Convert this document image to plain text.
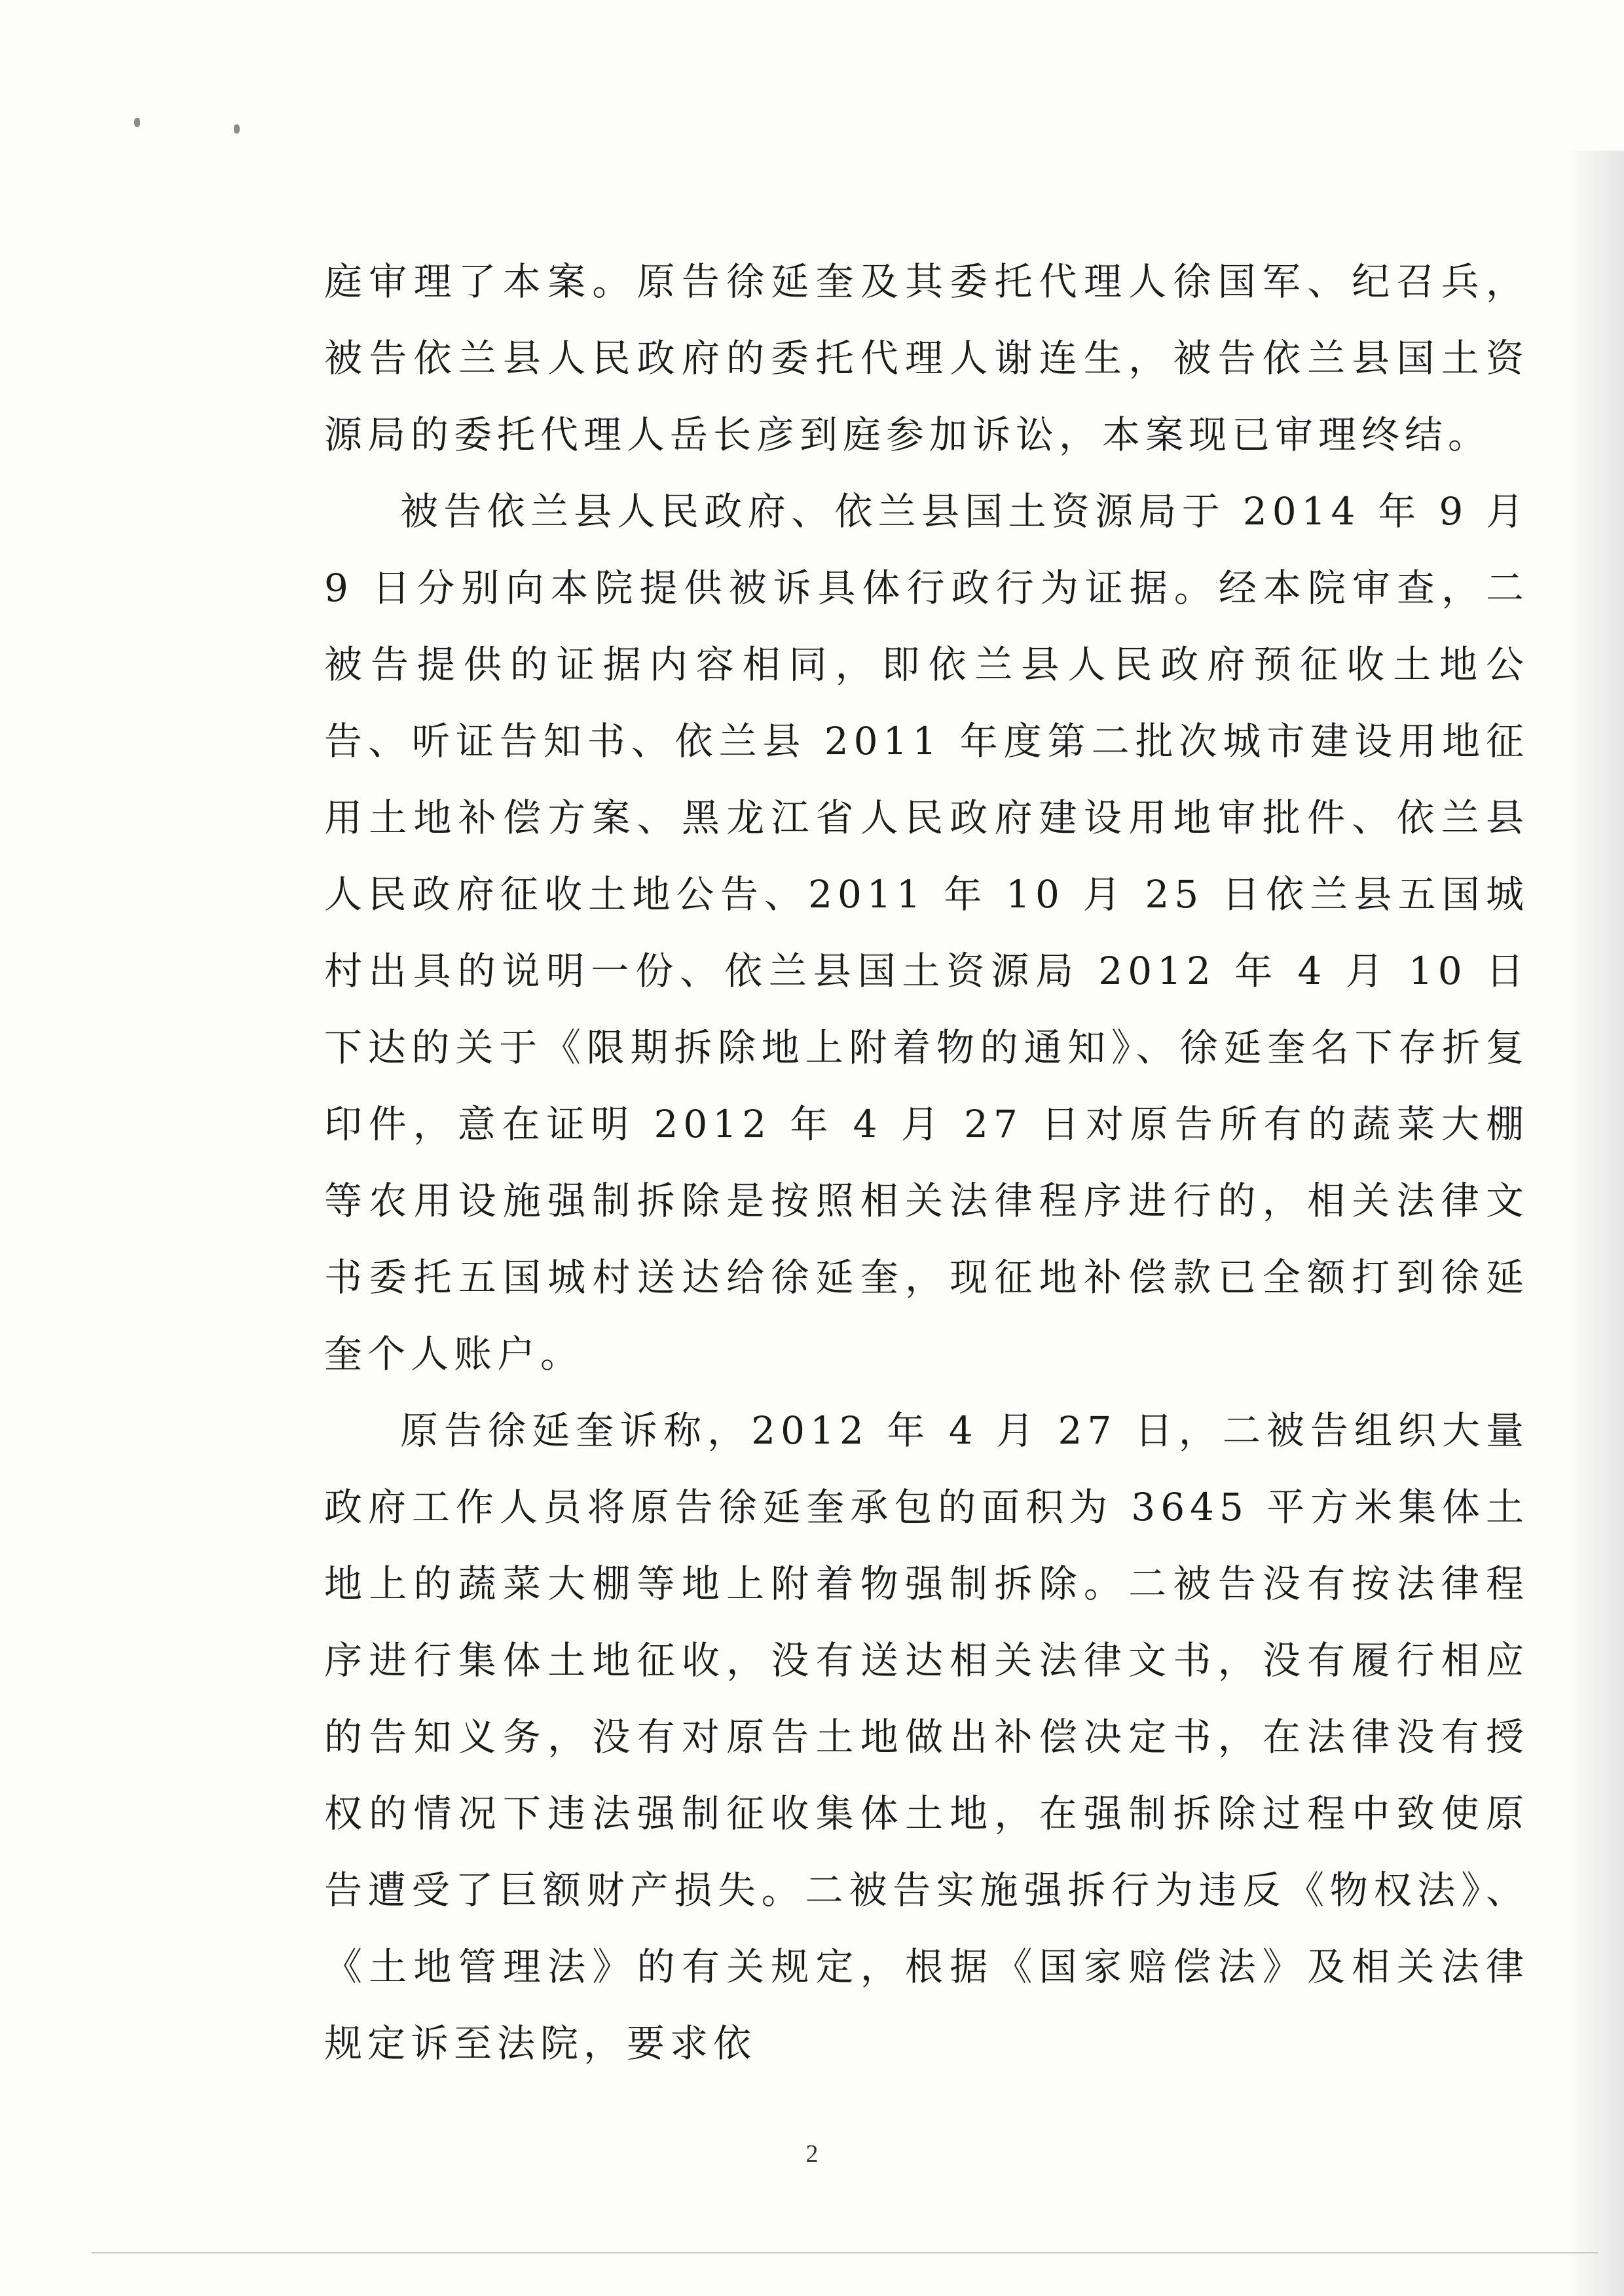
庭审理了本案。原告徐延奎及其委托代理人徐国军、纪召兵，被告依兰县人民政府的委托代理人谢连生，被告依兰县国土资源局的委托代理人岳长彦到庭参加诉讼，本案现已审理终结。

被告依兰县人民政府、依兰县国土资源局于 2014 年 9 月 9 日分别向本院提供被诉具体行政行为证据。经本院审查，二被告提供的证据内容相同，即依兰县人民政府预征收土地公告、听证告知书、依兰县 2011 年度第二批次城市建设用地征用土地补偿方案、黑龙江省人民政府建设用地审批件、依兰县人民政府征收土地公告、2011 年 10 月 25 日依兰县五国城村出具的说明一份、依兰县国土资源局 2012 年 4 月 10 日下达的关于《限期拆除地上附着物的通知》、徐延奎名下存折复印件，意在证明 2012 年 4 月 27 日对原告所有的蔬菜大棚等农用设施强制拆除是按照相关法律程序进行的，相关法律文书委托五国城村送达给徐延奎，现征地补偿款已全额打到徐延奎个人账户。

原告徐延奎诉称，2012 年 4 月 27 日，二被告组织大量政府工作人员将原告徐延奎承包的面积为 3645 平方米集体土地上的蔬菜大棚等地上附着物强制拆除。二被告没有按法律程序进行集体土地征收，没有送达相关法律文书，没有履行相应的告知义务，没有对原告土地做出补偿决定书，在法律没有授权的情况下违法强制征收集体土地，在强制拆除过程中致使原告遭受了巨额财产损失。二被告实施强拆行为违反《物权法》、《土地管理法》的有关规定，根据《国家赔偿法》及相关法律规定诉至法院，要求依

2
